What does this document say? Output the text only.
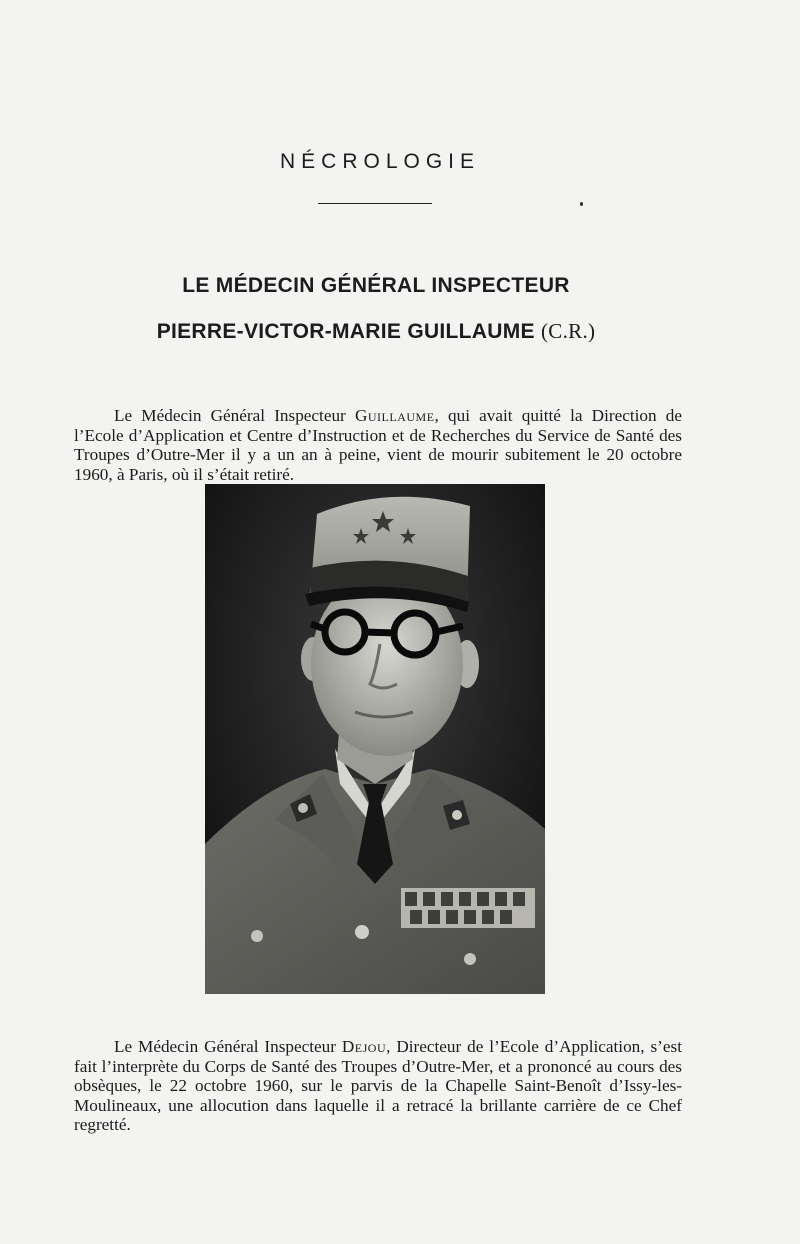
NÉCROLOGIE
LE MÉDECIN GÉNÉRAL INSPECTEUR
PIERRE-VICTOR-MARIE GUILLAUME (C.R.)

Le Médecin Général Inspecteur Guillaume, qui avait quitté la Direction de l’Ecole d’Application et Centre d’Instruction et de Recherches du Service de Santé des Troupes d’Outre-Mer il y a un an à peine, vient de mourir subitement le 20 octobre 1960, à Paris, où il s’était retiré.

Le Médecin Général Inspecteur Dejou, Directeur de l’Ecole d’Application, s’est fait l’interprète du Corps de Santé des Troupes d’Outre-Mer, et a prononcé au cours des obsèques, le 22 octobre 1960, sur le parvis de la Chapelle Saint-Benoît d’Issy-les-Moulineaux, une allocution dans laquelle il a retracé la brillante carrière de ce Chef regretté.
